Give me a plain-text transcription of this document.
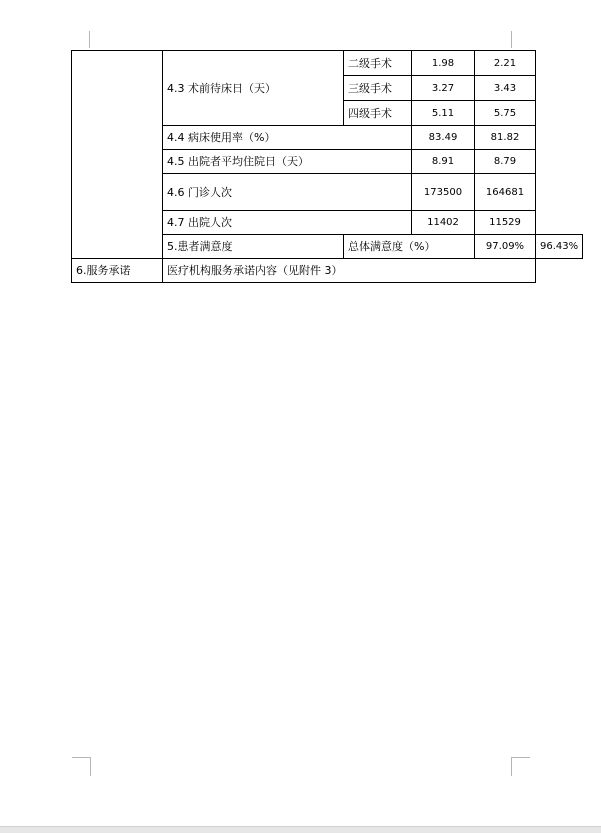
	4.3 术前待床日（天）	二级手术	1.98	2.21	
		三级手术	3.27	3.43	
		四级手术	5.11	5.75	
	4.4 病床使用率（%）		83.49	81.82	
	4.5 出院者平均住院日（天）		8.91	8.79	
	4.6 门诊人次		173500	164681	
	4.7 出院人次		11402	11529	
	5.患者满意度	总体满意度（%）		97.09%	96.43%
6.服务承诺	医疗机构服务承诺内容（见附件 3）				
